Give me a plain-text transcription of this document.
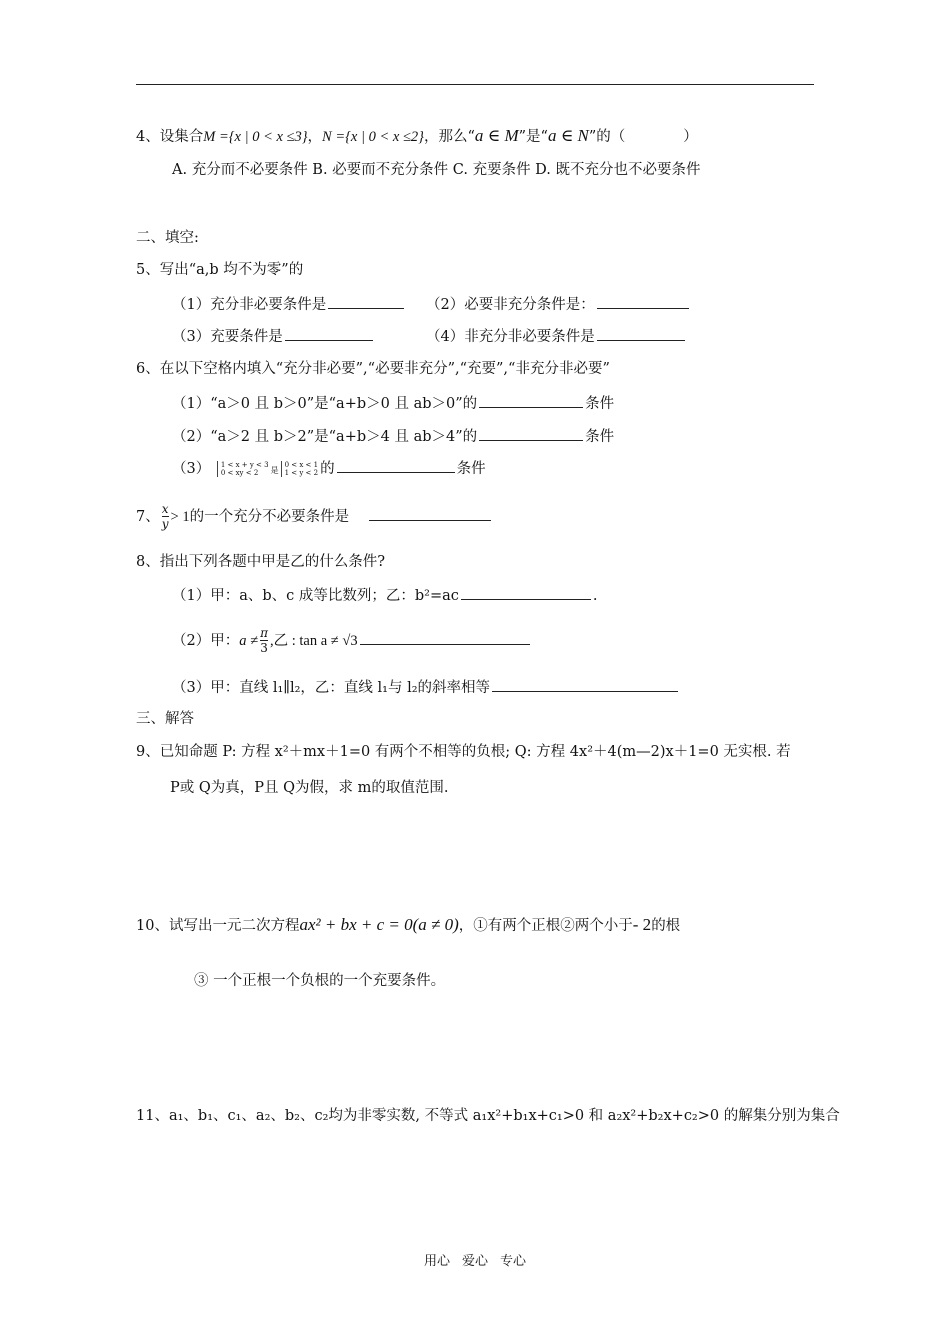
4、设集合M ={x | 0 < x ≤3}，N ={x | 0 < x ≤2}，那么“a ∈ M”是“a ∈ N”的（　　　　）
A. 充分而不必要条件 B. 必要而不充分条件 C. 充要条件 D. 既不充分也不必要条件
二、填空:
5、写出“a,b 均不为零”的
（1）充分非必要条件是	（2）必要非充分条件是：
（3）充要条件是	（4）非充分非必要条件是
6、在以下空格内填入“充分非必要”,“必要非充分”,“充要”,“非充分非必要”
（1）“a＞0 且 b＞0”是“a+b＞0 且 ab＞0”的	条件
（2）“a＞2 且 b＞2”是“a+b＞4 且 ab＞4”的	条件
（3） 1 < x + y < 3
0 < xy < 2	是
0 < x < 1
1 < y < 2 的	条件
7、 $\frac{x}{y} > 1$的一个充分不必要条件是
8、指出下列各题中甲是乙的什么条件?
（1）甲：a、b、c 成等比数列；乙：b²=ac	.
（2）甲：$a \ne \frac{\pi}{3}$ ,乙 : tan a ≠ √3
（3）甲：直线 l₁∥l₂，乙：直线 l₁与 l₂的斜率相等
三、解答
9、已知命题 P: 方程 x²＋mx＋1=0 有两个不相等的负根; Q: 方程 4x²＋4(m—2)x＋1=0 无实根. 若
P或 Q为真，P且 Q为假，求 m的取值范围.
10、试写出一元二次方程ax² + bx + c = 0(a ≠ 0)，①有两个正根②两个小于- 2的根
③ 一个正根一个负根的一个充要条件。
11、a₁、b₁、c₁、a₂、b₂、c₂均为非零实数, 不等式 a₁x²+b₁x+c₁>0 和 a₂x²+b₂x+c₂>0 的解集分别为集合
用心 爱心 专心
